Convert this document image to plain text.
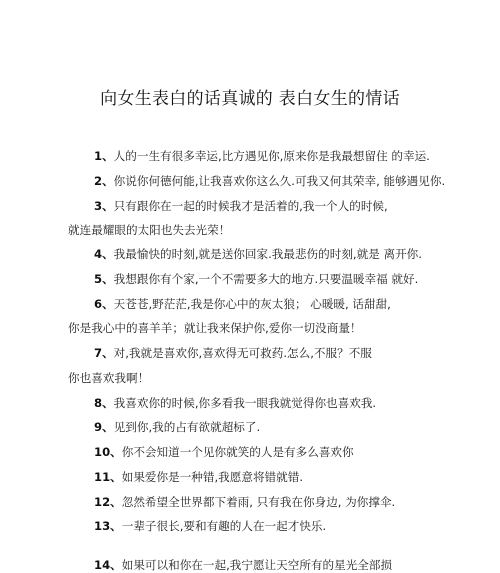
向女生表白的话真诚的 表白女生的情话
1、人的一生有很多幸运,比方遇见你,原来你是我最想留住 的幸运.
2、你说你何德何能,让我喜欢你这么久.可我又何其荣幸, 能够遇见你.
3、只有跟你在一起的时候我才是活着的,我一个人的时候,
就连最耀眼的太阳也失去光荣！
4、我最愉快的时刻,就是送你回家.我最悲伤的时刻,就是 离开你.
5、我想跟你有个家,一个不需要多大的地方.只要温暖幸福 就好.
6、天苍苍,野茫茫,我是你心中的灰太狼； 心暖暖, 话甜甜,
你是我心中的喜羊羊；就让我来保护你,爱你一切没商量！
7、对,我就是喜欢你,喜欢得无可救药.怎么,不服？不服
你也喜欢我啊！
8、我喜欢你的时候,你多看我一眼我就觉得你也喜欢我.
9、见到你,我的占有欲就超标了.
10、你不会知道一个见你就笑的人是有多么喜欢你
11、如果爱你是一种错,我愿意将错就错.
12、忽然希望全世界都下着雨, 只有我在你身边, 为你撑伞.
13、一辈子很长,要和有趣的人在一起才快乐.
14、如果可以和你在一起,我宁愿让天空所有的星光全部损
